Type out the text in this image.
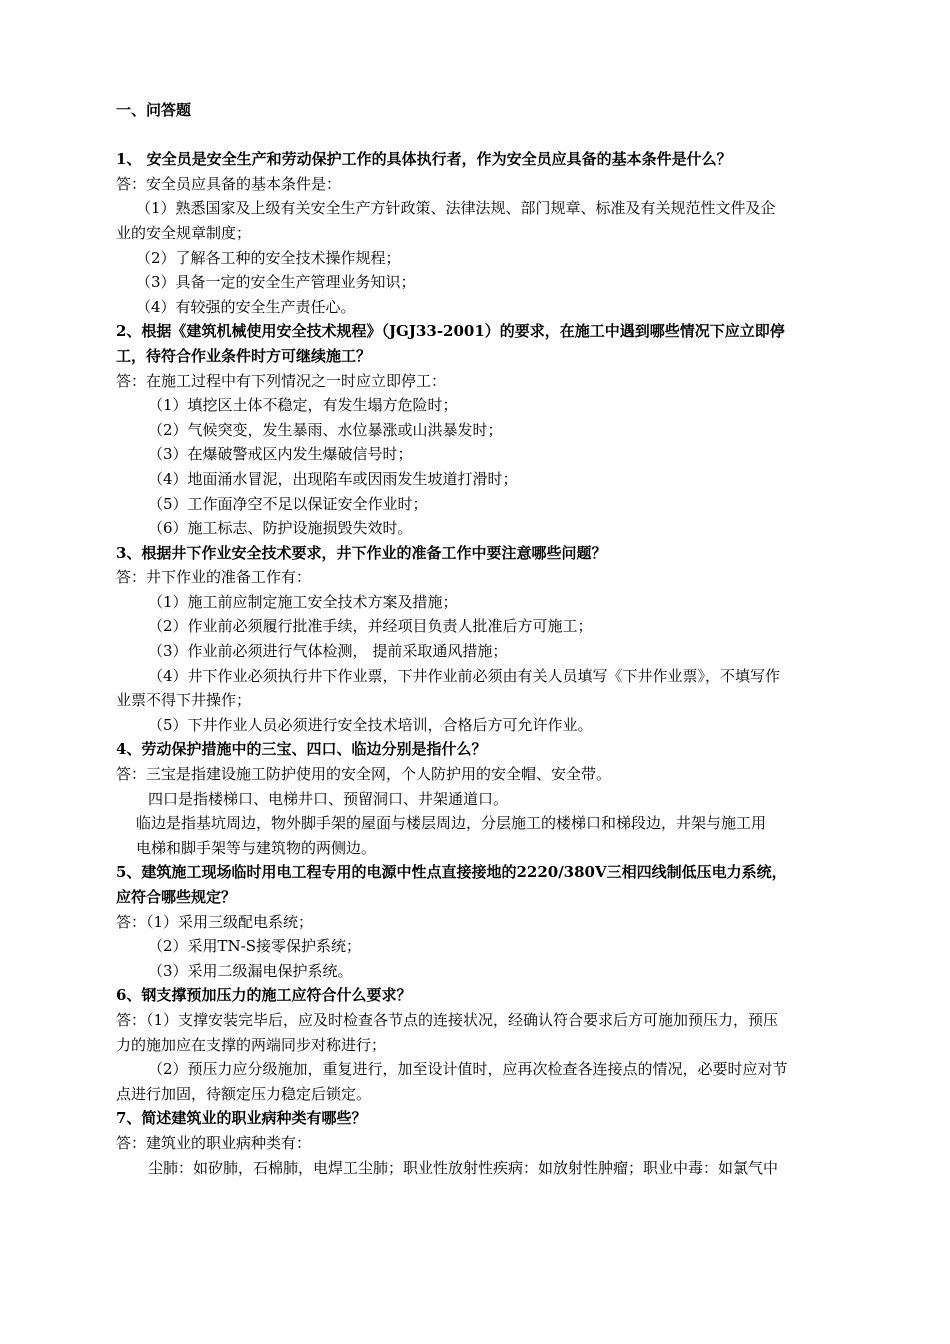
一、问答题
1、 安全员是安全生产和劳动保护工作的具体执行者，作为安全员应具备的基本条件是什么？
答：安全员应具备的基本条件是：
（1）熟悉国家及上级有关安全生产方针政策、法律法规、部门规章、标准及有关规范性文件及企
业的安全规章制度；
（2）了解各工种的安全技术操作规程；
（3）具备一定的安全生产管理业务知识；
（4）有较强的安全生产责任心。
2、根据《建筑机械使用安全技术规程》（JGJ33-2001）的要求，在施工中遇到哪些情况下应立即停
工，待符合作业条件时方可继续施工？
答：在施工过程中有下列情况之一时应立即停工：
（1）填挖区土体不稳定，有发生塌方危险时；
（2）气候突变，发生暴雨、水位暴涨或山洪暴发时；
（3）在爆破警戒区内发生爆破信号时；
（4）地面涌水冒泥，出现陷车或因雨发生坡道打滑时；
（5）工作面净空不足以保证安全作业时；
（6）施工标志、防护设施损毁失效时。
3、根据井下作业安全技术要求，井下作业的准备工作中要注意哪些问题？
答：井下作业的准备工作有：
（1）施工前应制定施工安全技术方案及措施；
（2）作业前必须履行批准手续，并经项目负责人批准后方可施工；
（3）作业前必须进行气体检测， 提前采取通风措施；
（4）井下作业必须执行井下作业票，下井作业前必须由有关人员填写《下井作业票》，不填写作
业票不得下井操作；
（5）下井作业人员必须进行安全技术培训，合格后方可允许作业。
4、劳动保护措施中的三宝、四口、临边分别是指什么？
答：三宝是指建设施工防护使用的安全网，个人防护用的安全帽、安全带。
四口是指楼梯口、电梯井口、预留洞口、井架通道口。
临边是指基坑周边，物外脚手架的屋面与楼层周边，分层施工的楼梯口和梯段边，井架与施工用
电梯和脚手架等与建筑物的两侧边。
5、建筑施工现场临时用电工程专用的电源中性点直接接地的2220/380V三相四线制低压电力系统，
应符合哪些规定？
答：（1）采用三级配电系统；
（2）采用TN-S接零保护系统；
（3）采用二级漏电保护系统。
6、钢支撑预加压力的施工应符合什么要求？
答：（1）支撑安装完毕后，应及时检查各节点的连接状况，经确认符合要求后方可施加预压力，预压
力的施加应在支撑的两端同步对称进行；
（2）预压力应分级施加，重复进行，加至设计值时，应再次检查各连接点的情况，必要时应对节
点进行加固，待额定压力稳定后锁定。
7、简述建筑业的职业病种类有哪些？
答：建筑业的职业病种类有：
尘肺：如矽肺，石棉肺，电焊工尘肺；职业性放射性疾病：如放射性肿瘤；职业中毒：如氯气中
